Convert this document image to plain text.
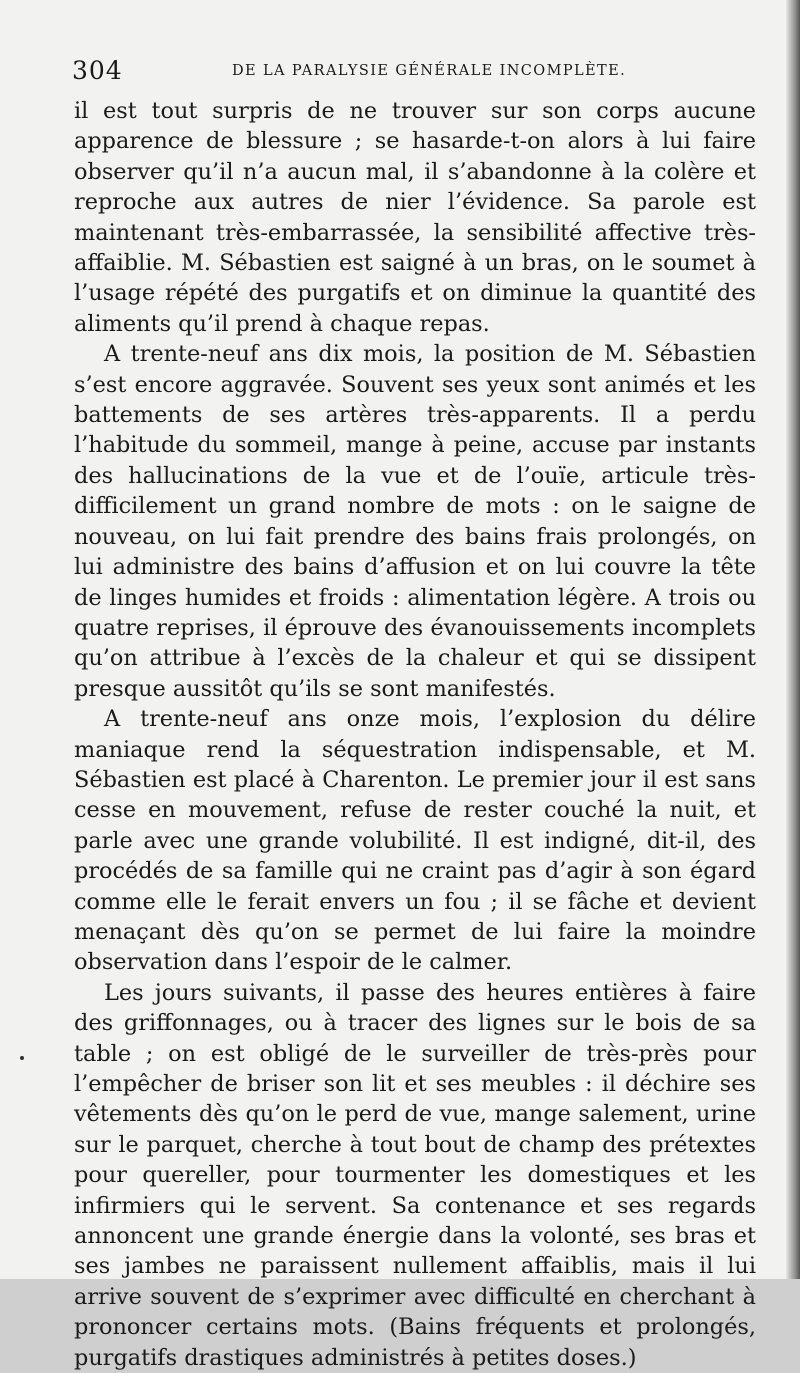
304	DE LA PARALYSIE GÉNÉRALE INCOMPLÈTE.

il est tout surpris de ne trouver sur son corps aucune apparence de blessure ; se hasarde-t-on alors à lui faire observer qu’il n’a aucun mal, il s’abandonne à la colère et reproche aux autres de nier l’évidence. Sa parole est maintenant très-embarrassée, la sensibilité affective très-affaiblie. M. Sébastien est saigné à un bras, on le soumet à l’usage répété des purgatifs et on diminue la quantité des aliments qu’il prend à chaque repas.

A trente-neuf ans dix mois, la position de M. Sébastien s’est encore aggravée. Souvent ses yeux sont animés et les battements de ses artères très-apparents. Il a perdu l’habitude du sommeil, mange à peine, accuse par instants des hallucinations de la vue et de l’ouïe, articule très-difficilement un grand nombre de mots : on le saigne de nouveau, on lui fait prendre des bains frais prolongés, on lui administre des bains d’affusion et on lui couvre la tête de linges humides et froids : alimentation légère. A trois ou quatre reprises, il éprouve des évanouissements incomplets qu’on attribue à l’excès de la chaleur et qui se dissipent presque aussitôt qu’ils se sont manifestés.

A trente-neuf ans onze mois, l’explosion du délire maniaque rend la séquestration indispensable, et M. Sébastien est placé à Charenton. Le premier jour il est sans cesse en mouvement, refuse de rester couché la nuit, et parle avec une grande volubilité. Il est indigné, dit-il, des procédés de sa famille qui ne craint pas d’agir à son égard comme elle le ferait envers un fou ; il se fâche et devient menaçant dès qu’on se permet de lui faire la moindre observation dans l’espoir de le calmer.

Les jours suivants, il passe des heures entières à faire des griffonnages, ou à tracer des lignes sur le bois de sa table ; on est obligé de le surveiller de très-près pour l’empêcher de briser son lit et ses meubles : il déchire ses vêtements dès qu’on le perd de vue, mange salement, urine sur le parquet, cherche à tout bout de champ des prétextes pour quereller, pour tourmenter les domestiques et les infirmiers qui le servent. Sa contenance et ses regards annoncent une grande énergie dans la volonté, ses bras et ses jambes ne paraissent nullement affaiblis, mais il lui arrive souvent de s’exprimer avec difficulté en cherchant à prononcer certains mots. (Bains fréquents et prolongés, purgatifs drastiques administrés à petites doses.)
